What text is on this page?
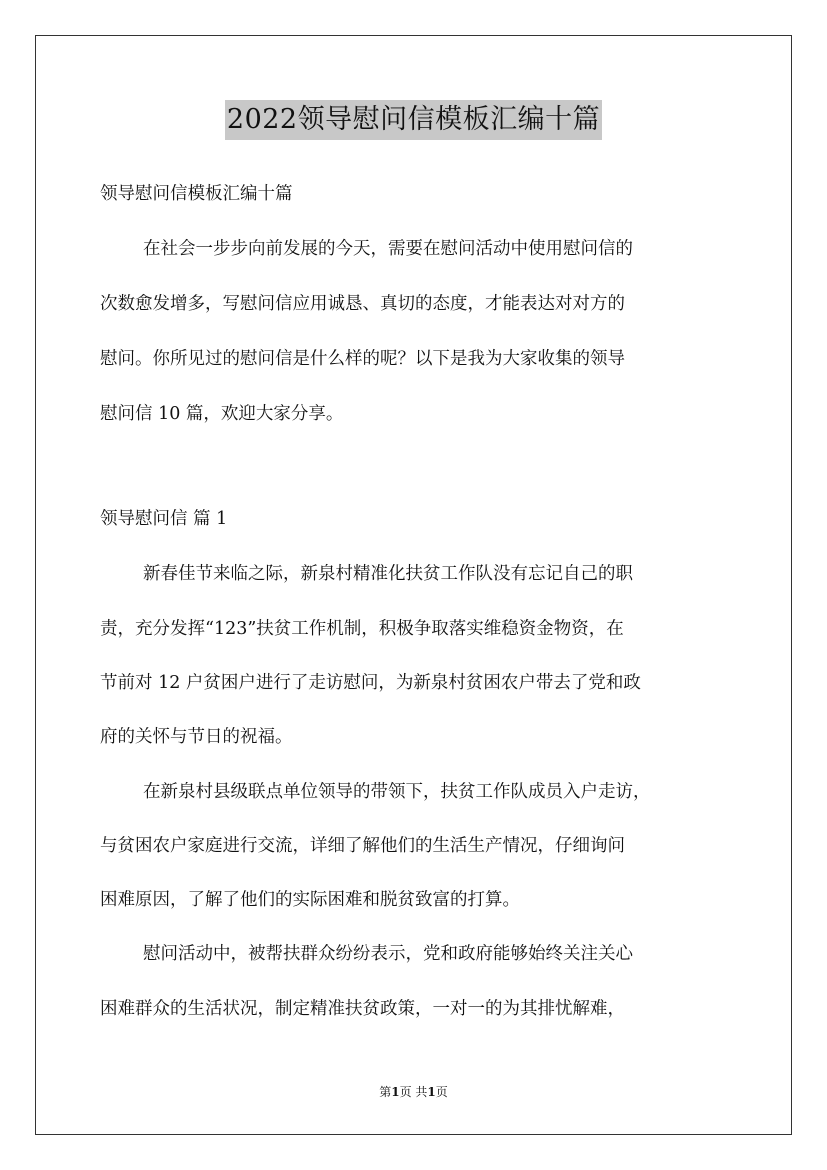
2022领导慰问信模板汇编十篇
领导慰问信模板汇编十篇
在社会一步步向前发展的今天，需要在慰问活动中使用慰问信的
次数愈发增多，写慰问信应用诚恳、真切的态度，才能表达对对方的
慰问。你所见过的慰问信是什么样的呢？以下是我为大家收集的领导
慰问信 10 篇，欢迎大家分享。
领导慰问信 篇 1
新春佳节来临之际，新泉村精准化扶贫工作队没有忘记自己的职
责，充分发挥“123”扶贫工作机制，积极争取落实维稳资金物资，在
节前对 12 户贫困户进行了走访慰问，为新泉村贫困农户带去了党和政
府的关怀与节日的祝福。
在新泉村县级联点单位领导的带领下，扶贫工作队成员入户走访，
与贫困农户家庭进行交流，详细了解他们的生活生产情况，仔细询问
困难原因，了解了他们的实际困难和脱贫致富的打算。
慰问活动中，被帮扶群众纷纷表示，党和政府能够始终关注关心
困难群众的生活状况，制定精准扶贫政策，一对一的为其排忧解难，
第1页 共1页
